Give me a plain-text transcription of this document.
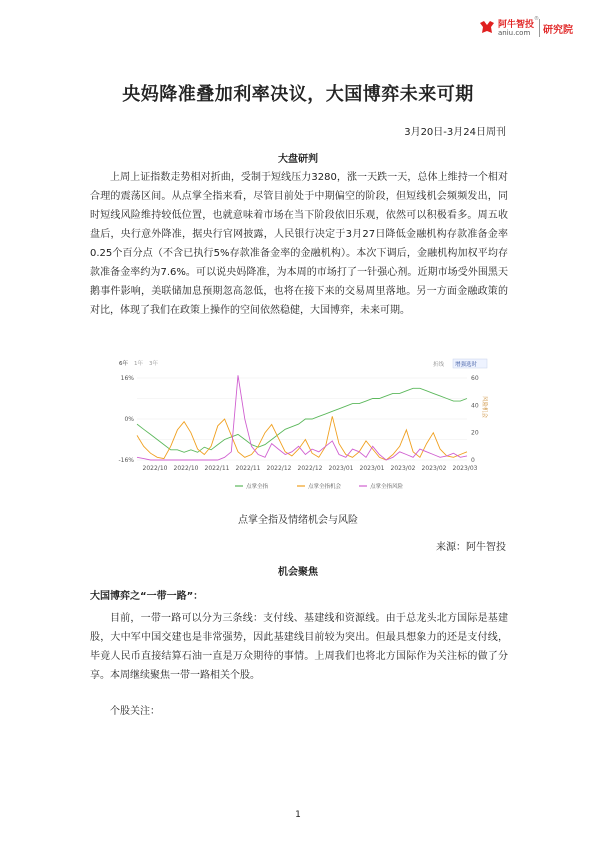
阿牛智投
®
aniu.com 研究院
央妈降准叠加利率决议，大国博弈未来可期
3月20日-3月24日周刊
大盘研判

上周上证指数走势相对折曲，受制于短线压力3280，涨一天跌一天，总体上维持一个相对合理的震荡区间。从点掌全指来看，尽管目前处于中期偏空的阶段，但短线机会频频发出，同时短线风险维持较低位置，也就意味着市场在当下阶段依旧乐观，依然可以积极看多。周五收盘后，央行意外降准，据央行官网披露，人民银行决定于3月27日降低金融机构存款准备金率0.25个百分点（不含已执行5%存款准备金率的金融机构）。本次下调后，金融机构加权平均存款准备金率约为7.6%。可以说央妈降准，为本周的市场打了一针强心剂。近期市场受外围黑天鹅事件影响，美联储加息预期忽高忽低，也将在接下来的交易周里落地。另一方面金融政策的对比，体现了我们在政策上操作的空间依然稳健，大国博弈，未来可期。

6年 1年 3年	折线 增强选时
16%
0%
-16%
60
40
20
0
风险机会
2022/10 2022/10 2022/11 2022/11 2022/12 2022/12 2023/01 2023/01 2023/02 2023/02 2023/03
点掌全指	点掌全指机会	点掌全指风险
点掌全指及情绪机会与风险
来源：阿牛智投
机会聚焦
大国博弈之“一带一路”：

目前，一带一路可以分为三条线：支付线、基建线和资源线。由于总龙头北方国际是基建股，大中军中国交建也是非常强势，因此基建线目前较为突出。但最具想象力的还是支付线，毕竟人民币直接结算石油一直是万众期待的事情。上周我们也将北方国际作为关注标的做了分享。本周继续聚焦一带一路相关个股。

个股关注：
1
